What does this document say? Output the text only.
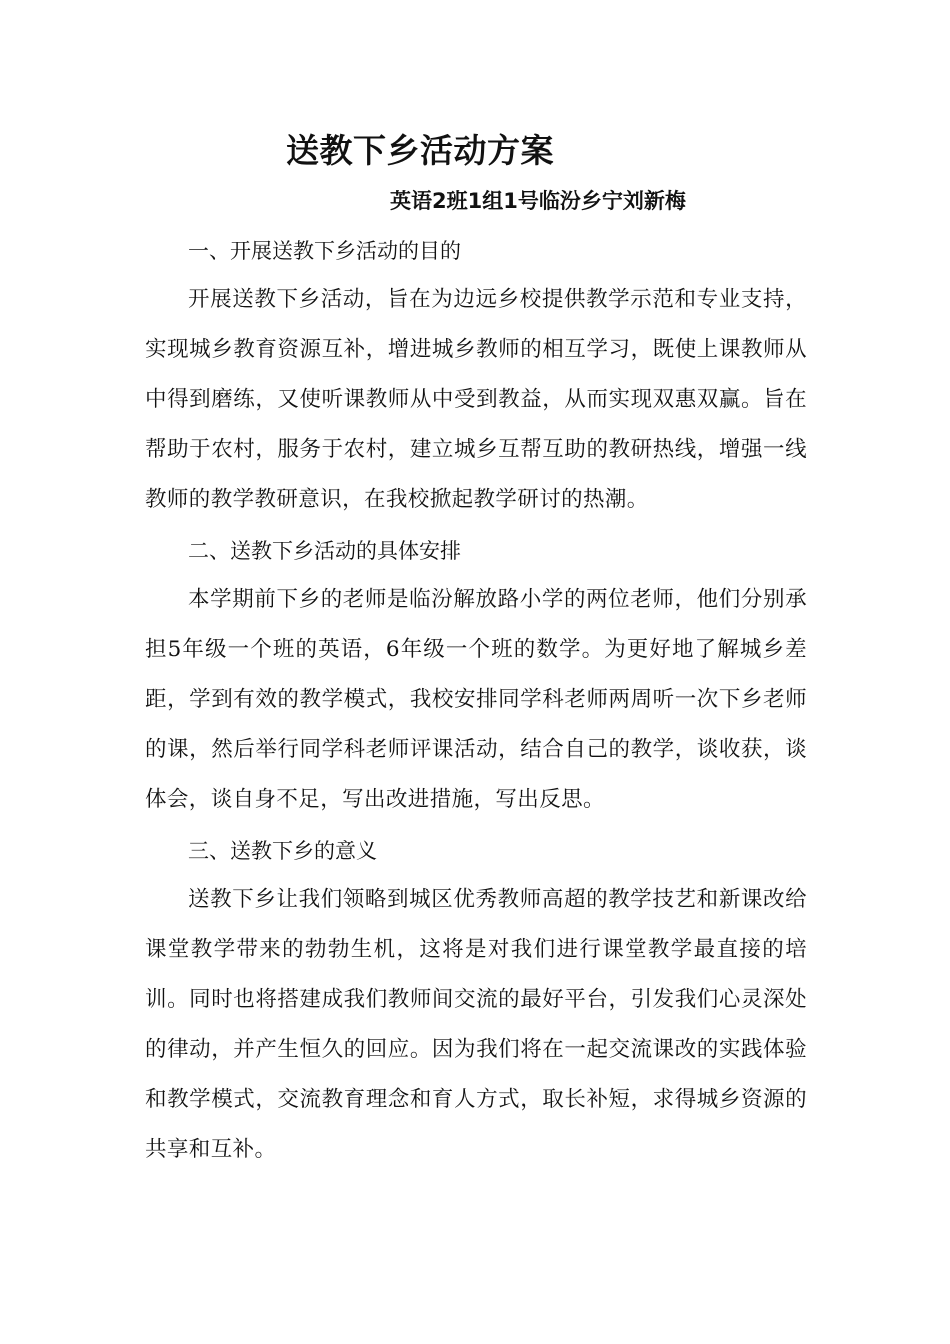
送教下乡活动方案

英语2班1组1号临汾乡宁刘新梅

一、开展送教下乡活动的目的

开展送教下乡活动，旨在为边远乡校提供教学示范和专业支持，实现城乡教育资源互补，增进城乡教师的相互学习，既使上课教师从中得到磨练，又使听课教师从中受到教益，从而实现双惠双赢。旨在帮助于农村，服务于农村，建立城乡互帮互助的教研热线，增强一线教师的教学教研意识，在我校掀起教学研讨的热潮。

二、送教下乡活动的具体安排

本学期前下乡的老师是临汾解放路小学的两位老师，他们分别承担5年级一个班的英语，6年级一个班的数学。为更好地了解城乡差距，学到有效的教学模式，我校安排同学科老师两周听一次下乡老师的课，然后举行同学科老师评课活动，结合自己的教学，谈收获，谈体会，谈自身不足，写出改进措施，写出反思。

三、送教下乡的意义

送教下乡让我们领略到城区优秀教师高超的教学技艺和新课改给课堂教学带来的勃勃生机，这将是对我们进行课堂教学最直接的培训。同时也将搭建成我们教师间交流的最好平台，引发我们心灵深处的律动，并产生恒久的回应。因为我们将在一起交流课改的实践体验和教学模式，交流教育理念和育人方式，取长补短，求得城乡资源的共享和互补。
